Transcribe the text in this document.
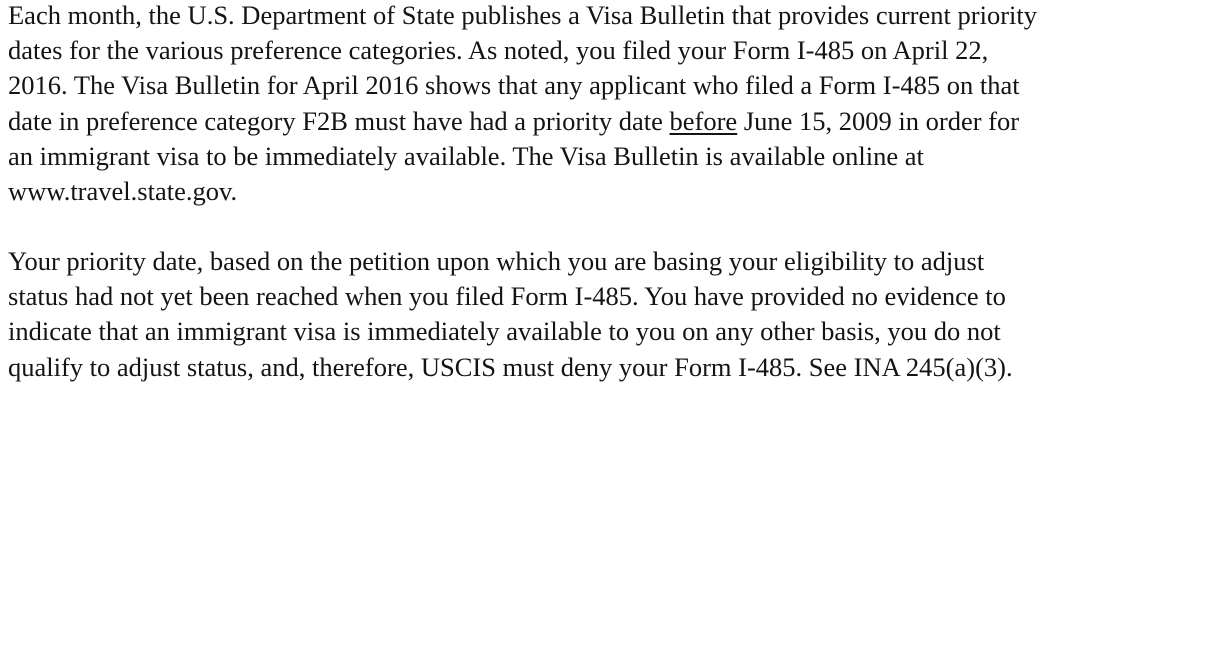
Each month, the U.S. Department of State publishes a Visa Bulletin that provides current priority
dates for the various preference categories. As noted, you filed your Form I-485 on April 22,
2016. The Visa Bulletin for April 2016 shows that any applicant who filed a Form I-485 on that
date in preference category F2B must have had a priority date before June 15, 2009 in order for
an immigrant visa to be immediately available. The Visa Bulletin is available online at
www.travel.state.gov.
Your priority date, based on the petition upon which you are basing your eligibility to adjust
status had not yet been reached when you filed Form I-485. You have provided no evidence to
indicate that an immigrant visa is immediately available to you on any other basis, you do not
qualify to adjust status, and, therefore, USCIS must deny your Form I-485. See INA 245(a)(3).
